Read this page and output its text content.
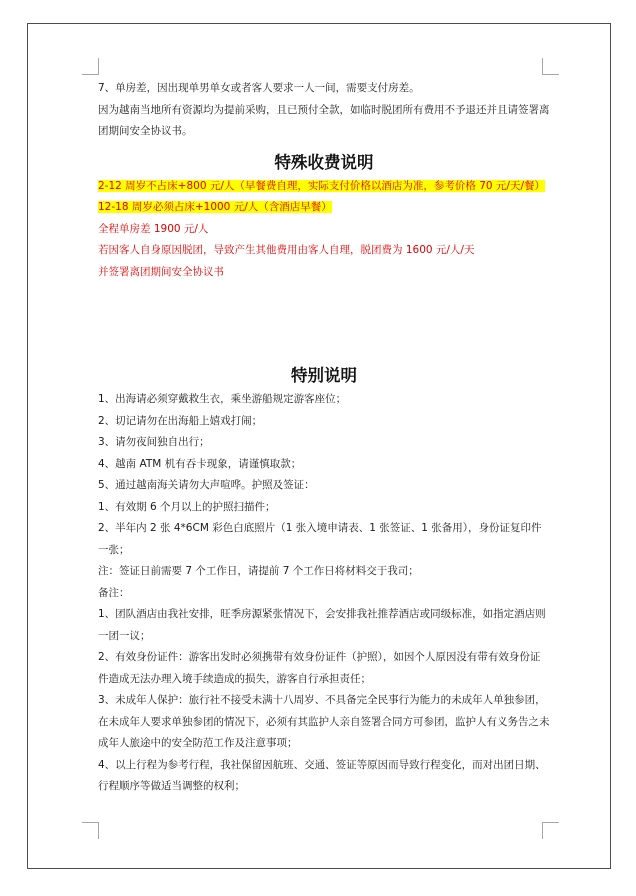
7、单房差，因出现单男单女或者客人要求一人一间，需要支付房差。

因为越南当地所有资源均为提前采购，且已预付全款，如临时脱团所有费用不予退还并且请签署离团期间安全协议书。

特殊收费说明

2-12 周岁不占床+800 元/人（早餐费自理，实际支付价格以酒店为准，参考价格 70 元/天/餐）

12-18 周岁必须占床+1000 元/人（含酒店早餐）

全程单房差 1900 元/人

若因客人自身原因脱团，导致产生其他费用由客人自理，脱团费为 1600 元/人/天

并签署离团期间安全协议书

特别说明

1、出海请必须穿戴救生衣，乘坐游船规定游客座位；

2、切记请勿在出海船上嬉戏打闹；

3、请勿夜间独自出行；

4、越南 ATM 机有吞卡现象，请谨慎取款；

5、通过越南海关请勿大声喧哗。护照及签证：

1、有效期 6 个月以上的护照扫描件；

2、半年内 2 张 4*6CM 彩色白底照片（1 张入境申请表、1 张签证、1 张备用），身份证复印件一张；

注：签证日前需要 7 个工作日，请提前 7 个工作日将材料交于我司；

备注：

1、团队酒店由我社安排，旺季房源紧张情况下，会安排我社推荐酒店或同级标准，如指定酒店则一团一议；

2、有效身份证件：游客出发时必须携带有效身份证件（护照），如因个人原因没有带有效身份证件造成无法办理入境手续造成的损失，游客自行承担责任；

3、未成年人保护：旅行社不接受未满十八周岁、不具备完全民事行为能力的未成年人单独参团，在未成年人要求单独参团的情况下，必须有其监护人亲自签署合同方可参团，监护人有义务告之未成年人旅途中的安全防范工作及注意事项；

4、以上行程为参考行程，我社保留因航班、交通、签证等原因而导致行程变化，而对出团日期、行程顺序等做适当调整的权利；
